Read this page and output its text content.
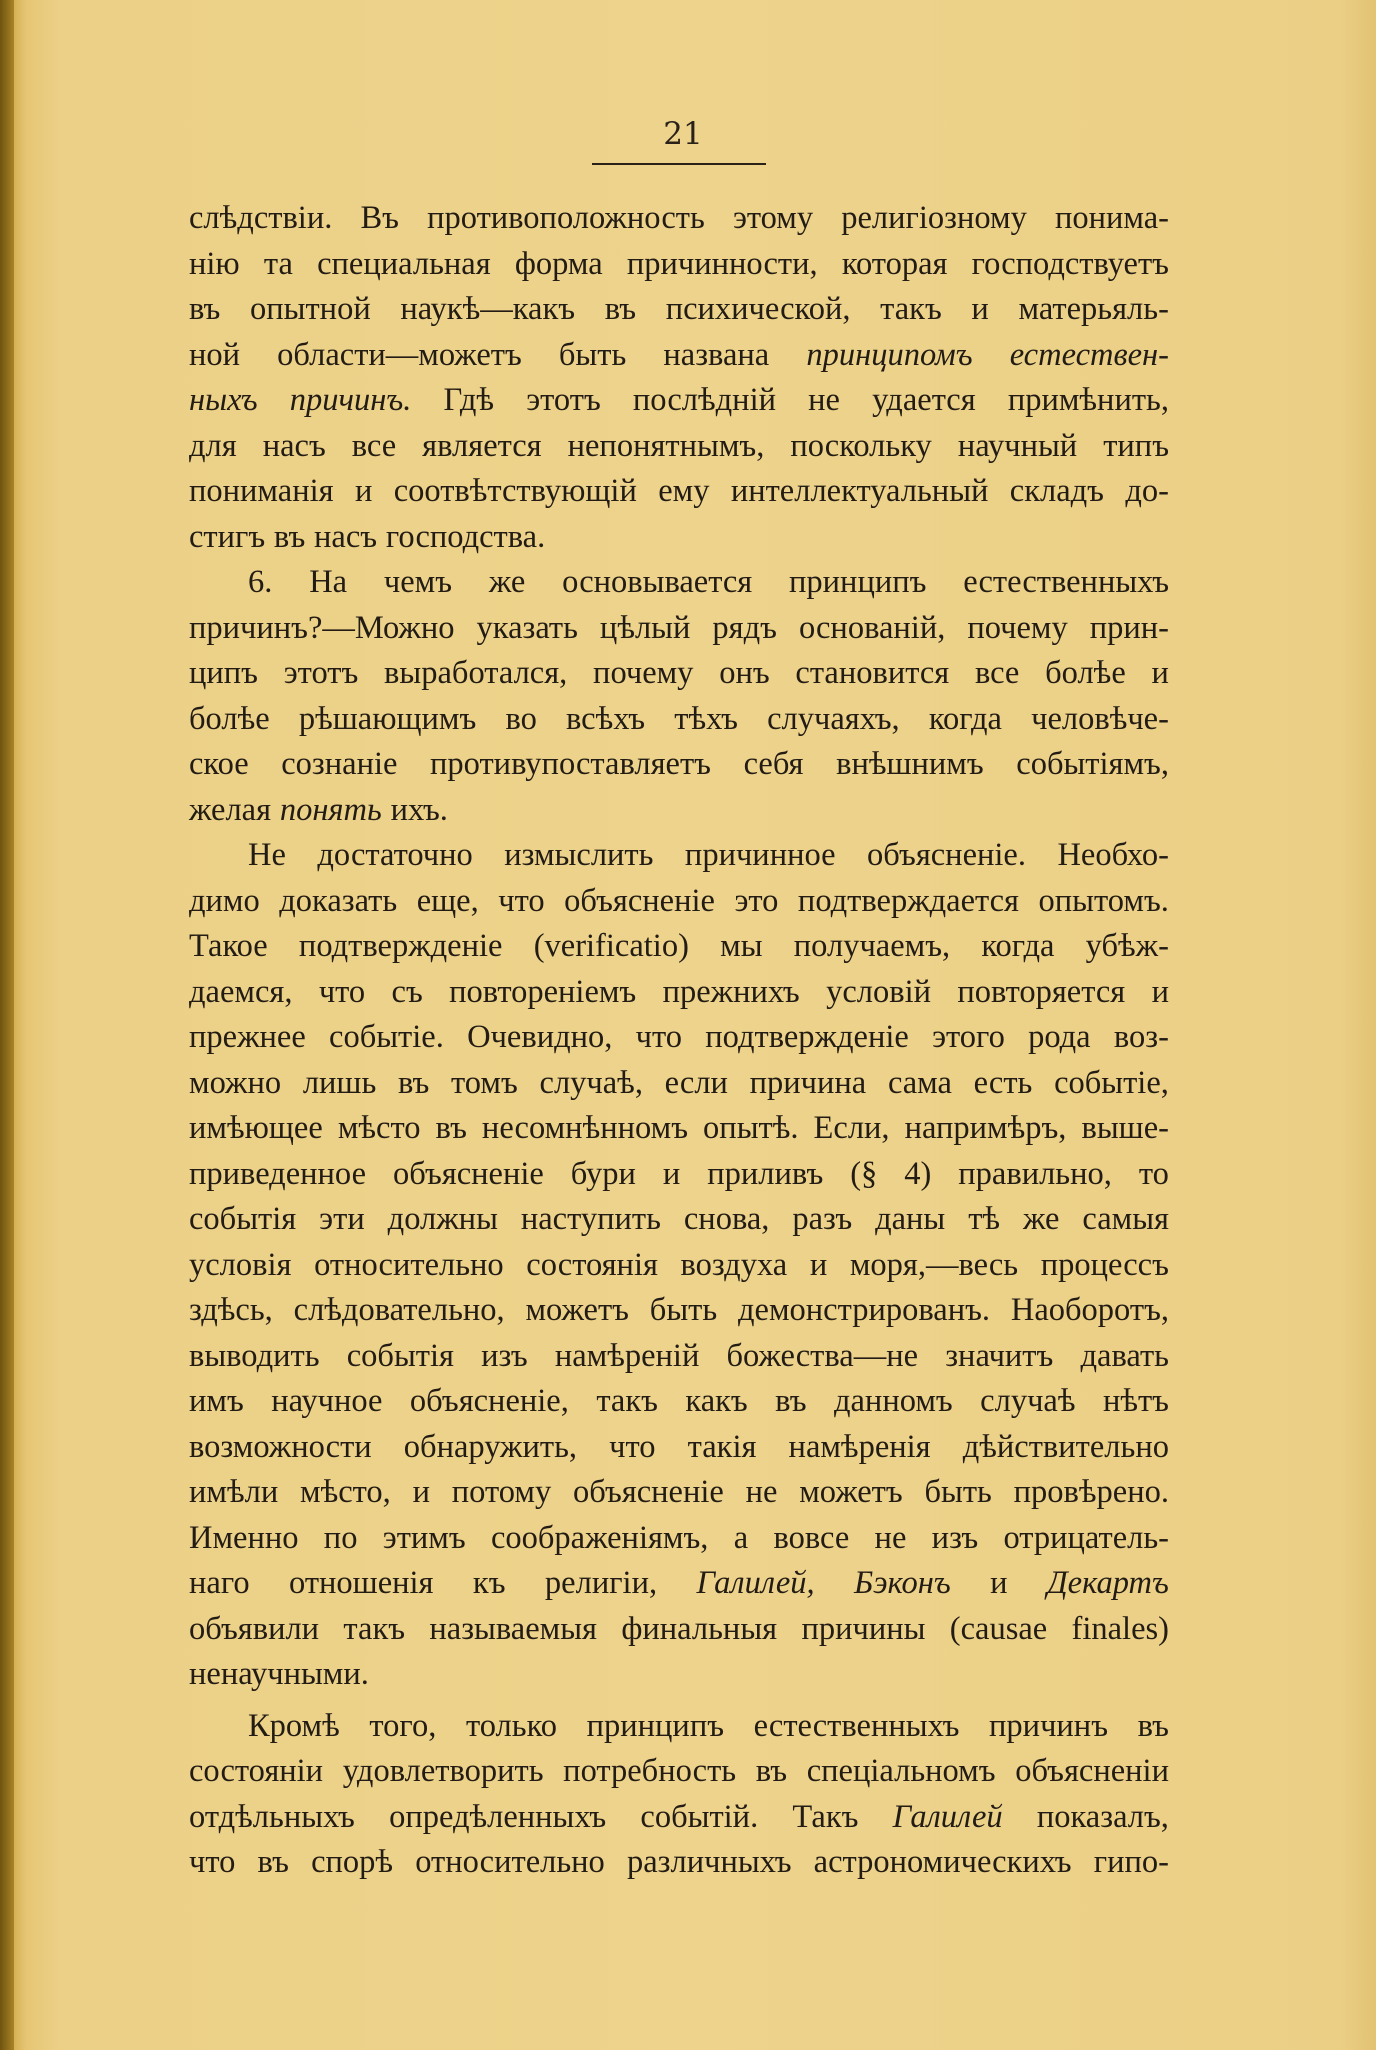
21
слѣдствіи. Въ противоположность этому религіозному понима-
нію та специальная форма причинности, которая господствуетъ
въ опытной наукѣ—какъ въ психической, такъ и матерьяль-
ной области—можетъ быть названа принципомъ естествен-
ныхъ причинъ. Гдѣ этотъ послѣдній не удается примѣнить,
для насъ все является непонятнымъ, поскольку научный типъ
пониманія и соотвѣтствующій ему интеллектуальный складъ до-
стигъ въ насъ господства.
6. На чемъ же основывается принципъ естественныхъ
причинъ?—Можно указать цѣлый рядъ основаній, почему прин-
ципъ этотъ выработался, почему онъ становится все болѣе и
болѣе рѣшающимъ во всѣхъ тѣхъ случаяхъ, когда человѣче-
ское сознаніе противупоставляетъ себя внѣшнимъ событіямъ,
желая понять ихъ.
Не достаточно измыслить причинное объясненіе. Необхо-
димо доказать еще, что объясненіе это подтверждается опытомъ.
Такое подтвержденіе (verificatio) мы получаемъ, когда убѣж-
даемся, что съ повтореніемъ прежнихъ условій повторяется и
прежнее событіе. Очевидно, что подтвержденіе этого рода воз-
можно лишь въ томъ случаѣ, если причина сама есть событіе,
имѣющее мѣсто въ несомнѣнномъ опытѣ. Если, напримѣръ, выше-
приведенное объясненіе бури и приливъ (§ 4) правильно, то
событія эти должны наступить снова, разъ даны тѣ же самыя
условія относительно состоянія воздуха и моря,—весь процессъ
здѣсь, слѣдовательно, можетъ быть демонстрированъ. Наоборотъ,
выводить событія изъ намѣреній божества—не значитъ давать
имъ научное объясненіе, такъ какъ въ данномъ случаѣ нѣтъ
возможности обнаружить, что такія намѣренія дѣйствительно
имѣли мѣсто, и потому объясненіе не можетъ быть провѣрено.
Именно по этимъ соображеніямъ, а вовсе не изъ отрицатель-
наго отношенія къ религіи, Галилей, Бэконъ и Декартъ
объявили такъ называемыя финальныя причины (causae finales)
ненаучными.
Кромѣ того, только принципъ естественныхъ причинъ въ
состояніи удовлетворить потребность въ спеціальномъ объясненіи
отдѣльныхъ опредѣленныхъ событій. Такъ Галилей показалъ,
что въ спорѣ относительно различныхъ астрономическихъ гипо-
